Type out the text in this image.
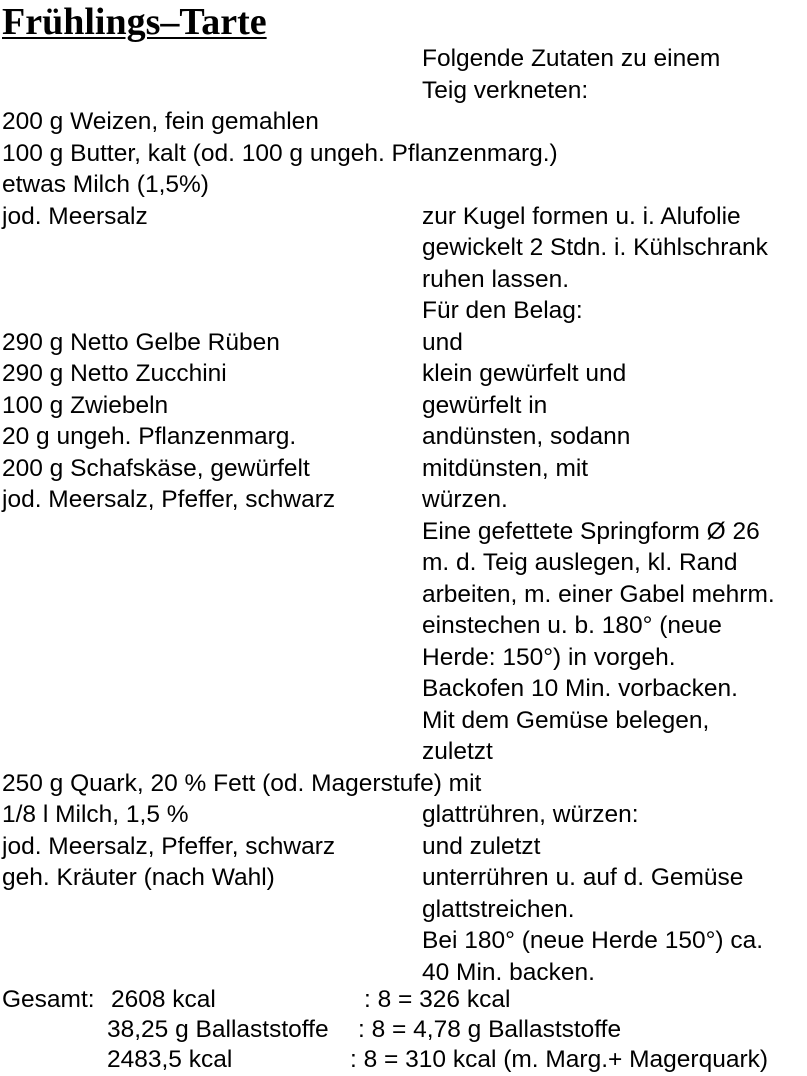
Frühlings–Tarte
Folgende Zutaten zu einem
Teig verkneten:
200 g Weizen, fein gemahlen
100 g Butter, kalt (od. 100 g ungeh. Pflanzenmarg.)
etwas Milch (1,5%)
jod. Meersalz	zur Kugel formen u. i. Alufolie
gewickelt 2 Stdn. i. Kühlschrank
ruhen lassen.
Für den Belag:
290 g Netto Gelbe Rüben	und
290 g Netto Zucchini	klein gewürfelt und
100 g Zwiebeln	gewürfelt in
20 g ungeh. Pflanzenmarg.	andünsten, sodann
200 g Schafskäse, gewürfelt	mitdünsten, mit
jod. Meersalz, Pfeffer, schwarz	würzen.
Eine gefettete Springform Ø 26
m. d. Teig auslegen, kl. Rand
arbeiten, m. einer Gabel mehrm.
einstechen u. b. 180° (neue
Herde: 150°) in vorgeh.
Backofen 10 Min. vorbacken.
Mit dem Gemüse belegen,
zuletzt
250 g Quark, 20 % Fett (od. Magerstufe) mit
1/8 l Milch, 1,5 %	glattrühren, würzen:
jod. Meersalz, Pfeffer, schwarz	und zuletzt
geh. Kräuter (nach Wahl)	unterrühren u. auf d. Gemüse
glattstreichen.
Bei 180° (neue Herde 150°) ca.
40 Min. backen.
Gesamt: 2608 kcal	: 8 = 326 kcal
38,25 g Ballaststoffe : 8 = 4,78 g Ballaststoffe
2483,5 kcal	: 8 = 310 kcal (m. Marg.+ Magerquark)
